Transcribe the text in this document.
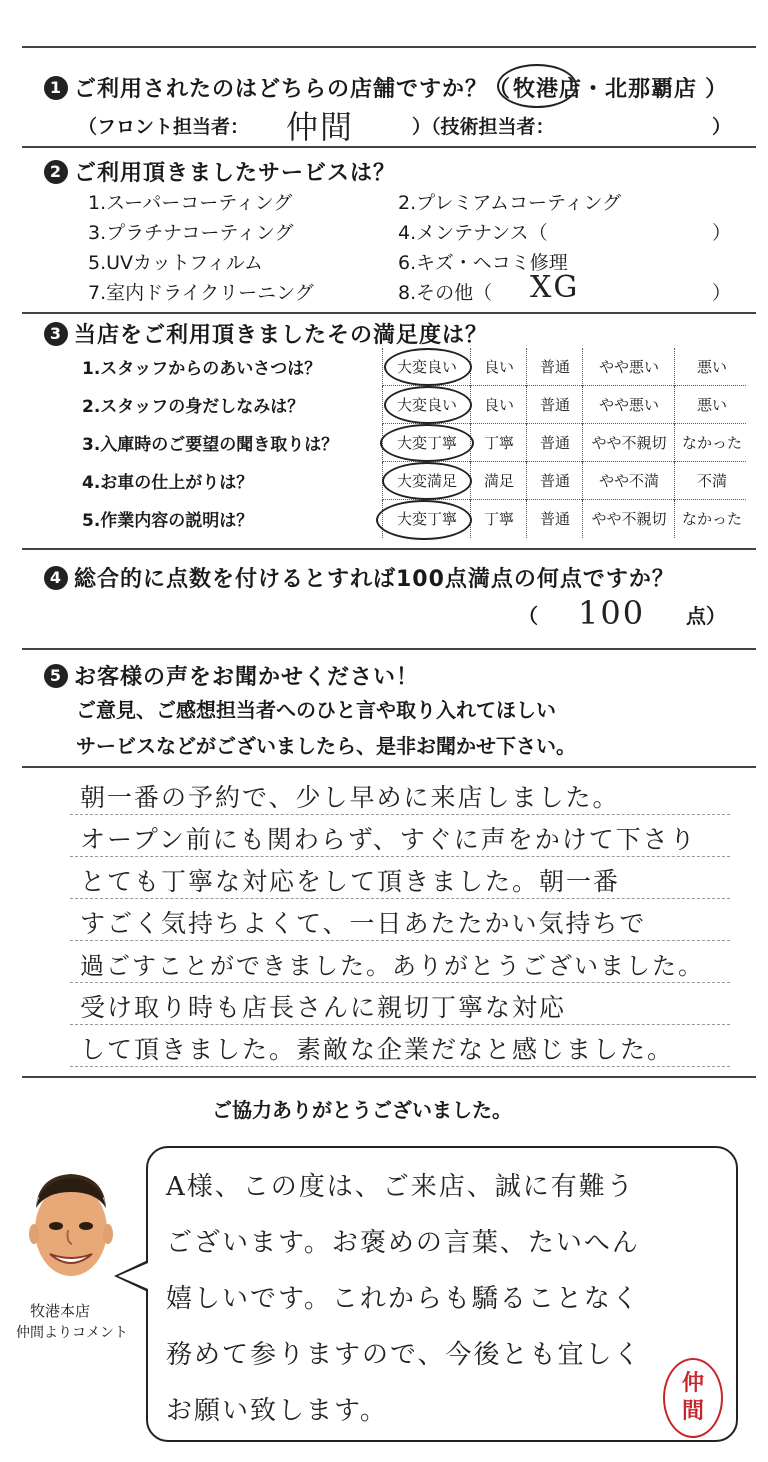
1 ご利用されたのはどちらの店舗ですか？（ 牧港店 ・ 北那覇店 ）
（フロント担当者： 仲間	）（技術担当者：	）
2 ご利用頂きましたサービスは？
1.スーパーコーティング	2.プレミアムコーティング
3.プラチナコーティング	4.メンテナンス（	）
5.UVカットフィルム	6.キズ・ヘコミ修理
7.室内ドライクリーニング	8.その他（ XG	）
3 当店をご利用頂きましたその満足度は？
1.スタッフからのあいさつは？	大変良い	良い	普通	やや悪い	悪い
2.スタッフの身だしなみは？	大変良い	良い	普通	やや悪い	悪い
3.入庫時のご要望の聞き取りは？	大変丁寧	丁寧	普通	やや不親切	なかった
4.お車の仕上がりは？	大変満足	満足	普通	やや不満	不満
5.作業内容の説明は？	大変丁寧	丁寧	普通	やや不親切	なかった
4 総合的に点数を付けるとすれば100点満点の何点ですか？
（ 100 点）
5 お客様の声をお聞かせください！
ご意見、ご感想担当者へのひと言や取り入れてほしい
サービスなどがございましたら、是非お聞かせ下さい。
朝一番の予約で、少し早めに来店しました。
オープン前にも関わらず、すぐに声をかけて下さり
とても丁寧な対応をして頂きました。朝一番
すごく気持ちよくて、一日あたたかい気持ちで
過ごすことができました。ありがとうございました。
受け取り時も店長さんに親切丁寧な対応
して頂きました。素敵な企業だなと感じました。
ご協力ありがとうございました。
牧港本店
仲間よりコメント
A様、この度は、ご来店、誠に有難う
ございます。お褒めの言葉、たいへん
嬉しいです。これからも驕ることなく
務めて参りますので、今後とも宜しく
お願い致します。
仲
間
